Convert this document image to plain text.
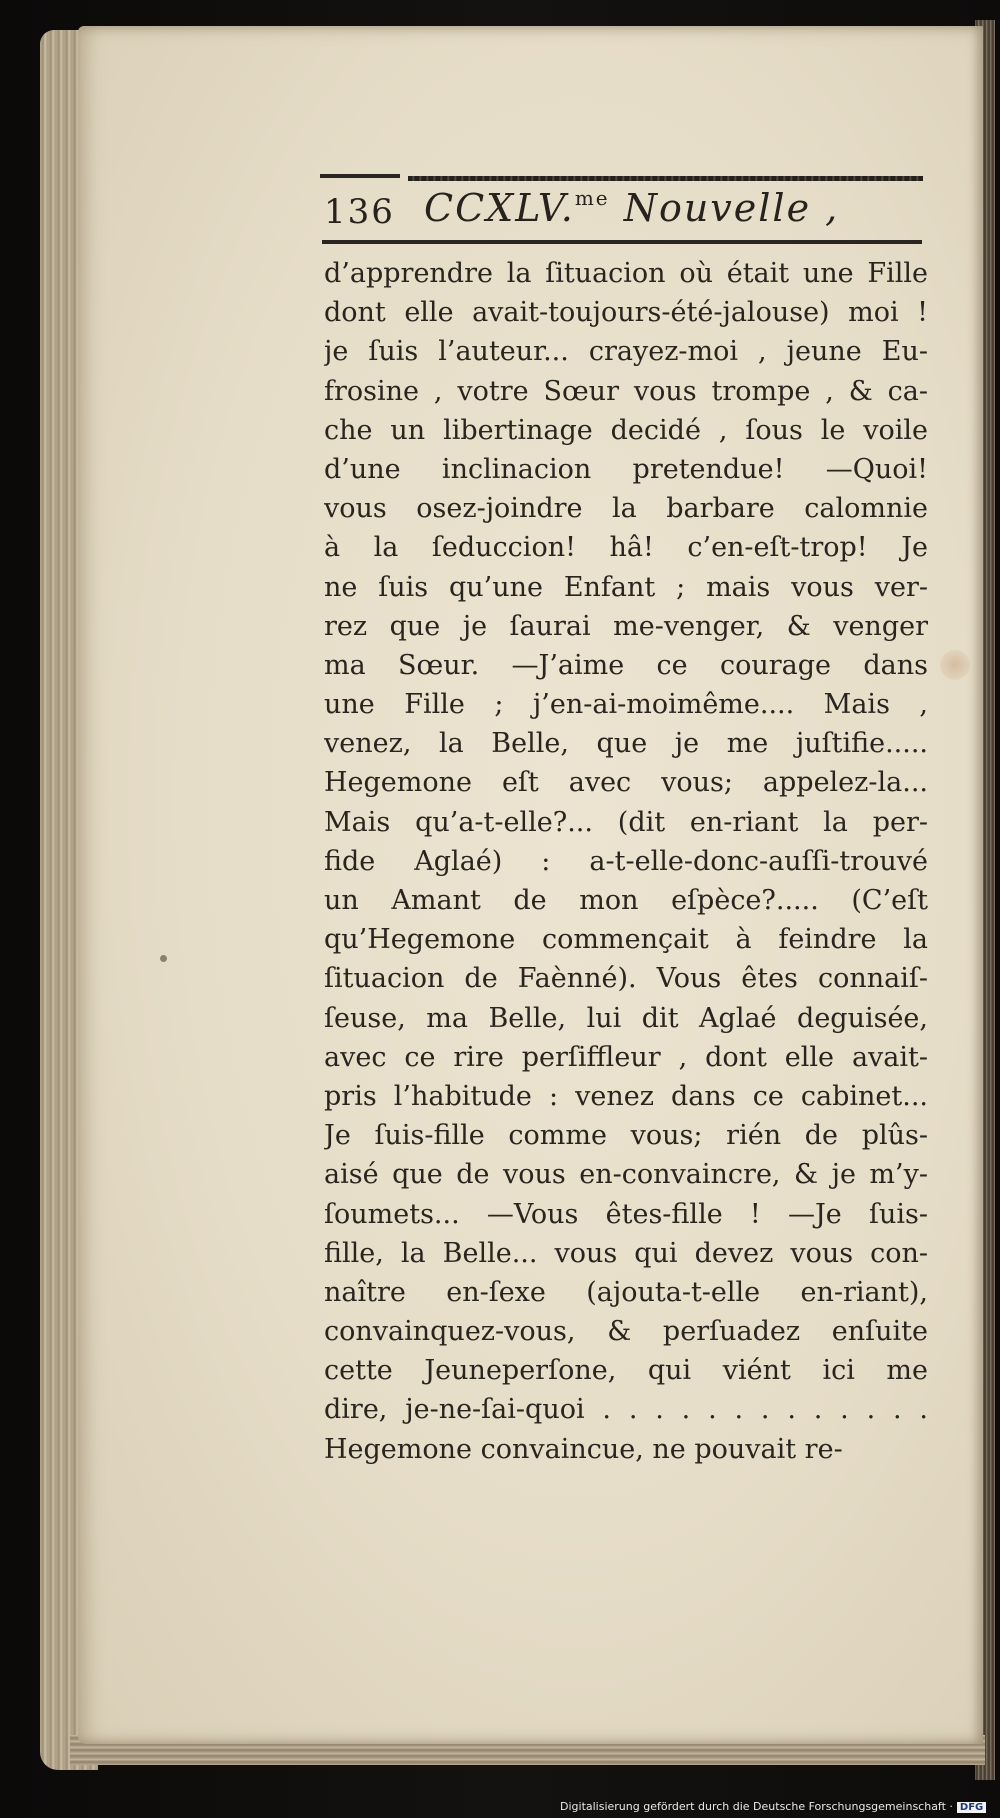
136 CCXLV.$^{me}$ Nouvelle ,
d’apprendre la ſituacion où était une Fille
dont elle avait-toujours-été-jalouse) moi !
je ſuis l’auteur... crayez-moi , jeune Eu-
frosine , votre Sœur vous trompe , & ca-
che un libertinage decidé , ſous le voile
d’une inclinacion pretendue! —Quoi!
vous osez-joindre la barbare calomnie
à la ſeduccion! hâ! c’en-eſt-trop! Je
ne ſuis qu’une Enfant ; mais vous ver-
rez que je ſaurai me-venger, & venger
ma Sœur. —J’aime ce courage dans
une Fille ; j’en-ai-moimême.... Mais ,
venez, la Belle, que je me juſtifie.....
Hegemone eſt avec vous; appelez-la...
Mais qu’a-t-elle?... (dit en-riant la per-
fide Aglaé) : a-t-elle-donc-auſſi-trouvé
un Amant de mon eſpèce?..... (C’eſt
qu’Hegemone commençait à feindre la
ſituacion de Faènné). Vous êtes connaiſ-
ſeuse, ma Belle, lui dit Aglaé deguisée,
avec ce rire perſiffleur , dont elle avait-
pris l’habitude : venez dans ce cabinet...
Je ſuis-fille comme vous; rién de plûs-
aisé que de vous en-convaincre, & je m’y-
ſoumets... —Vous êtes-fille ! —Je ſuis-
fille, la Belle... vous qui devez vous con-
naître en-ſexe (ajouta-t-elle en-riant),
convainquez-vous, & perſuadez enſuite
cette Jeuneperſone, qui viént ici me
dire, je-ne-ſai-quoi . . . . . . . . . . . . .
Hegemone convaincue, ne pouvait re-
Digitalisierung gefördert durch die Deutsche Forschungsgemeinschaft · DFG
